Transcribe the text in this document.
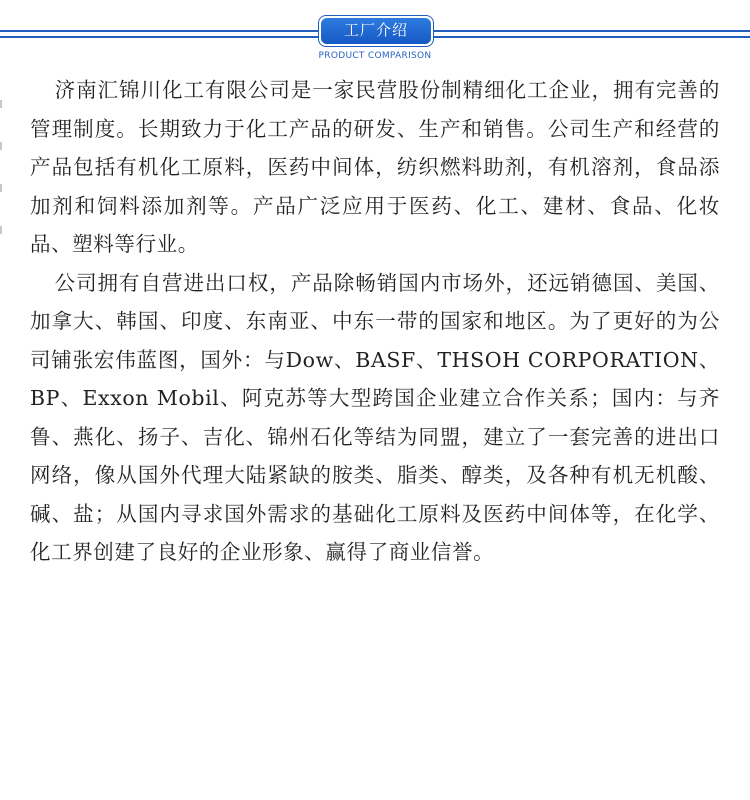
工厂介绍
PRODUCT COMPARISON

济南汇锦川化工有限公司是一家民营股份制精细化工企业，拥有完善的管理制度。长期致力于化工产品的研发、生产和销售。公司生产和经营的产品包括有机化工原料，医药中间体，纺织燃料助剂，有机溶剂，食品添加剂和饲料添加剂等。产品广泛应用于医药、化工、建材、食品、化妆品、塑料等行业。

公司拥有自营进出口权，产品除畅销国内市场外，还远销德国、美国、加拿大、韩国、印度、东南亚、中东一带的国家和地区。为了更好的为公司铺张宏伟蓝图，国外：与Dow、BASF、THSOH CORPORATION、BP、Exxon Mobil、阿克苏等大型跨国企业建立合作关系；国内：与齐鲁、燕化、扬子、吉化、锦州石化等结为同盟，建立了一套完善的进出口网络，像从国外代理大陆紧缺的胺类、脂类、醇类，及各种有机无机酸、碱、盐；从国内寻求国外需求的基础化工原料及医药中间体等，在化学、化工界创建了良好的企业形象、赢得了商业信誉。
